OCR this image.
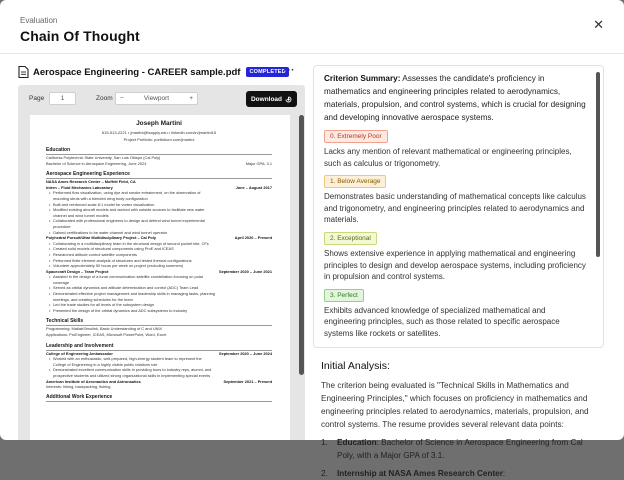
Evaluation
Chain Of Thought
✕
Aerospace Engineering - CAREER sample.pdf	COMPLETED
···
Page	1	Zoom −	Viewport	+	Download
Joseph Martini
615-513-2221 • jmartini@tsapply.edu • linkedin.com/in/jmartini15
Project Portfolio: portfolium.com/jmartini
Education
California Polytechnic State University, San Luis Obispo (Cal Poly)
Bachelor of Science in Aerospace Engineering, June 2024	Major GPA: 3.1
Aerospace Engineering Experience
NASA Ames Research Center – Moffett Field, CA
Intern – Fluid Mechanics Laboratory	June – August 2017
• Performed flow visualization, using dye and smoke entrainment, on the observation of
mounting struts with a blended wing body configuration
• Built and reinforced scale 8:1 model for vortex visualization
• Modified existing aircraft models and worked with outside sources to facilitate new water
channel and wind tunnel models
• Collaborated with professional engineers to design and defend wind tunnel experimental
procedure
• Gained certifications to be water channel and wind tunnel operator
Polyhedral Pursuit/Ultar Multidisciplinary Project – Cal Poly	April 2020 – Present
• Collaborating in a multidisciplinary team in the structural design of second pocket kite, CFs
• Created solid models of structural components using ProE and ICEAS
• Researched altitude control satellite components
• Performed finite element analysis of structures and tested thermal configurations
• Volunteer approximately 50 hours per week on project (excluding summers)
Spacecraft Design – Team Project	September 2020 – June 2021
• Assisted in the design of a lunar communication satellite constellation focusing on polar
coverage
• Served as orbital dynamics and attitude determination and control (ADC) Team Lead
• Demonstrated effective project management and leadership skills in managing tasks, planning
meetings, and creating schedules for the team
• Led the trade studies for all levels of the subsystem design
• Presented the design of the orbital dynamics and ADC subsystems to industry
Technical Skills
Programming: MatlabSimulink, Basic Understanding of C and UNIX
Applications: ProEngineer, ICEAS, Microsoft PowerPoint, Word, Excel
Leadership and Involvement
College of Engineering Ambassador	September 2020 – June 2024
• Worked with an enthusiastic, well-prepared, high-energy student team to represent the
College of Engineering in a highly visible public relations role
• Demonstrated excellent communication skills in providing tours to industry reps, alumni, and
prospective students and utilized strong organizational skills in implementing special events
American Institute of Aeronautics and Astronautics	September 2021 – Present
Interests: hiking, backpacking, fishing
Additional Work Experience
Criterion Summary: Assesses the candidate's proficiency in mathematics and engineering principles related to aerodynamics, materials, propulsion, and control systems, which is crucial for designing and developing innovative aerospace systems.
0. Extremely Poor
Lacks any mention of relevant mathematical or engineering principles, such as calculus or trigonometry.
1. Below Average
Demonstrates basic understanding of mathematical concepts like calculus and trigonometry, and engineering principles related to aerodynamics and materials.
2. Exceptional
Shows extensive experience in applying mathematical and engineering principles to design and develop aerospace systems, including proficiency in propulsion and control systems.
3. Perfect
Exhibits advanced knowledge of specialized mathematical and engineering principles, such as those related to specific aerospace systems like rockets or satellites.
Initial Analysis:
The criterion being evaluated is "Technical Skills in Mathematics and Engineering Principles," which focuses on proficiency in mathematics and engineering principles related to aerodynamics, materials, propulsion, and control systems. The resume provides several relevant data points:
1. Education: Bachelor of Science in Aerospace Engineering from Cal Poly, with a Major GPA of 3.1.
2. Internship at NASA Ames Research Center:
